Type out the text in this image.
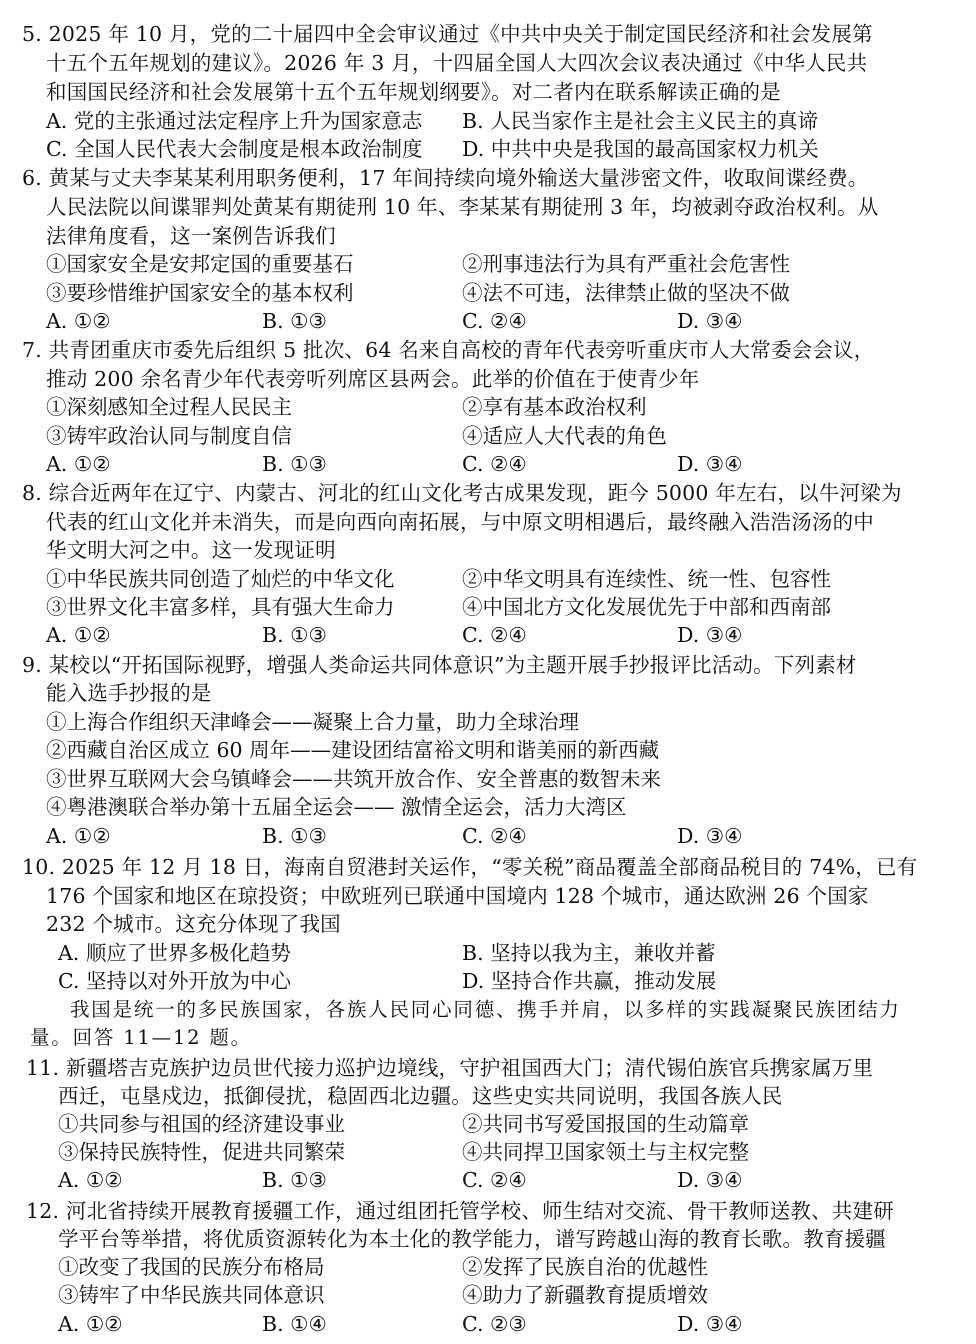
5. 2025 年 10 月，党的二十届四中全会审议通过《中共中央关于制定国民经济和社会发展第
十五个五年规划的建议》。2026 年 3 月，十四届全国人大四次会议表决通过《中华人民共
和国国民经济和社会发展第十五个五年规划纲要》。对二者内在联系解读正确的是
A. 党的主张通过法定程序上升为国家意志 B. 人民当家作主是社会主义民主的真谛
C. 全国人民代表大会制度是根本政治制度 D. 中共中央是我国的最高国家权力机关
6. 黄某与丈夫李某某利用职务便利，17 年间持续向境外输送大量涉密文件，收取间谍经费。
人民法院以间谍罪判处黄某有期徒刑 10 年、李某某有期徒刑 3 年，均被剥夺政治权利。从
法律角度看，这一案例告诉我们
①国家安全是安邦定国的重要基石	②刑事违法行为具有严重社会危害性
③要珍惜维护国家安全的基本权利	④法不可违，法律禁止做的坚决不做
A. ①②	B. ①③	C. ②④	D. ③④
7. 共青团重庆市委先后组织 5 批次、64 名来自高校的青年代表旁听重庆市人大常委会会议，
推动 200 余名青少年代表旁听列席区县两会。此举的价值在于使青少年
①深刻感知全过程人民民主	②享有基本政治权利
③铸牢政治认同与制度自信	④适应人大代表的角色
A. ①②	B. ①③	C. ②④	D. ③④
8. 综合近两年在辽宁、内蒙古、河北的红山文化考古成果发现，距今 5000 年左右，以牛河梁为
代表的红山文化并未消失，而是向西向南拓展，与中原文明相遇后，最终融入浩浩汤汤的中
华文明大河之中。这一发现证明
①中华民族共同创造了灿烂的中华文化	②中华文明具有连续性、统一性、包容性
③世界文化丰富多样，具有强大生命力	④中国北方文化发展优先于中部和西南部
A. ①②	B. ①③	C. ②④	D. ③④
9. 某校以“开拓国际视野，增强人类命运共同体意识”为主题开展手抄报评比活动。下列素材
能入选手抄报的是
①上海合作组织天津峰会——凝聚上合力量，助力全球治理
②西藏自治区成立 60 周年——建设团结富裕文明和谐美丽的新西藏
③世界互联网大会乌镇峰会——共筑开放合作、安全普惠的数智未来
④粤港澳联合举办第十五届全运会—— 激情全运会，活力大湾区
A. ①②	B. ①③	C. ②④	D. ③④
10. 2025 年 12 月 18 日，海南自贸港封关运作，“零关税”商品覆盖全部商品税目的 74%，已有
176 个国家和地区在琼投资；中欧班列已联通中国境内 128 个城市，通达欧洲 26 个国家
232 个城市。这充分体现了我国
A. 顺应了世界多极化趋势	B. 坚持以我为主，兼收并蓄
C. 坚持以对外开放为中心	D. 坚持合作共赢，推动发展
我国是统一的多民族国家，各族人民同心同德、携手并肩，以多样的实践凝聚民族团结力
量。回答 11—12 题。
11. 新疆塔吉克族护边员世代接力巡护边境线，守护祖国西大门；清代锡伯族官兵携家属万里
西迁，屯垦戍边，抵御侵扰，稳固西北边疆。这些史实共同说明，我国各族人民
①共同参与祖国的经济建设事业	②共同书写爱国报国的生动篇章
③保持民族特性，促进共同繁荣	④共同捍卫国家领土与主权完整
A. ①②	B. ①③	C. ②④	D. ③④
12. 河北省持续开展教育援疆工作，通过组团托管学校、师生结对交流、骨干教师送教、共建研
学平台等举措，将优质资源转化为本土化的教学能力，谱写跨越山海的教育长歌。教育援疆
①改变了我国的民族分布格局	②发挥了民族自治的优越性
③铸牢了中华民族共同体意识	④助力了新疆教育提质增效
A. ①②	B. ①④	C. ②③	D. ③④
